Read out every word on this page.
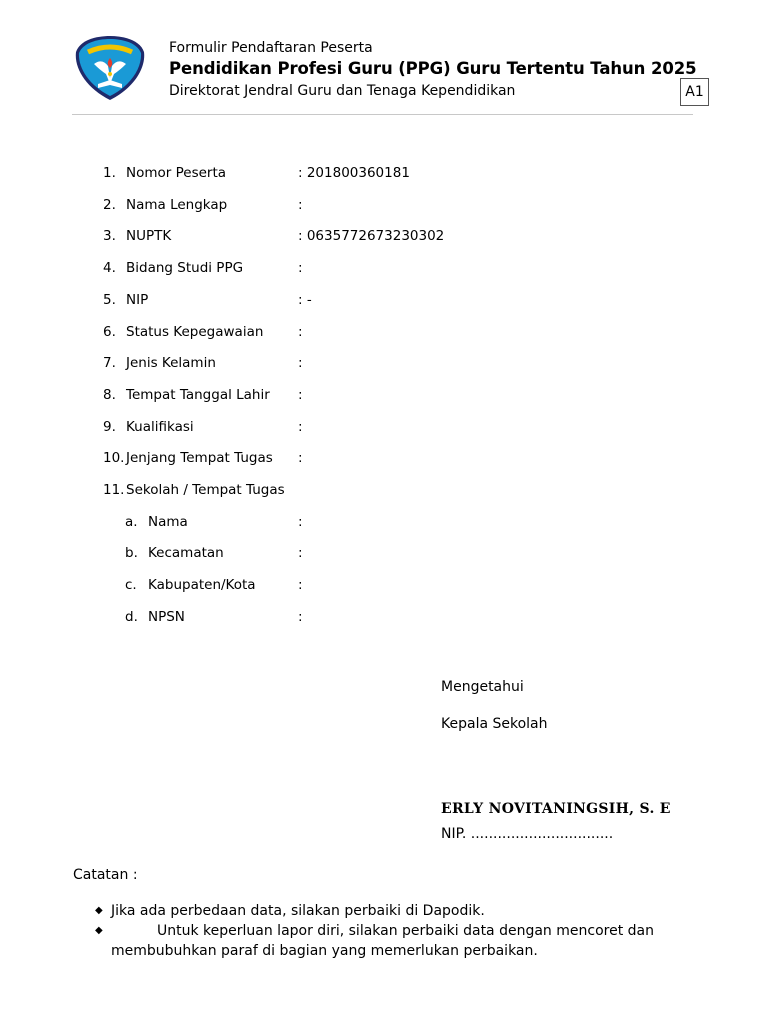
Formulir Pendaftaran Peserta
Pendidikan Profesi Guru (PPG) Guru Tertentu Tahun 2025
Direktorat Jendral Guru dan Tenaga Kependidikan	A1
1. Nomor Peserta	: 201800360181
2. Nama Lengkap	:
3. NUPTK	: 0635772673230302
4. Bidang Studi PPG	:
5. NIP	: -
6. Status Kepegawaian	:
7. Jenis Kelamin	:
8. Tempat Tanggal Lahir :
9. Kualifikasi	:
10. Jenjang Tempat Tugas :
11. Sekolah / Tempat Tugas
a. Nama	:
b. Kecamatan	:
c. Kabupaten/Kota	:
d. NPSN	:
Mengetahui
Kepala Sekolah
ERLY NOVITANINGSIH, S. E
NIP. ................................
Catatan :
◆ Jika ada perbedaan data, silakan perbaiki di Dapodik.
◆	Untuk keperluan lapor diri, silakan perbaiki data dengan mencoret dan membubuhkan paraf di bagian yang memerlukan perbaikan.
